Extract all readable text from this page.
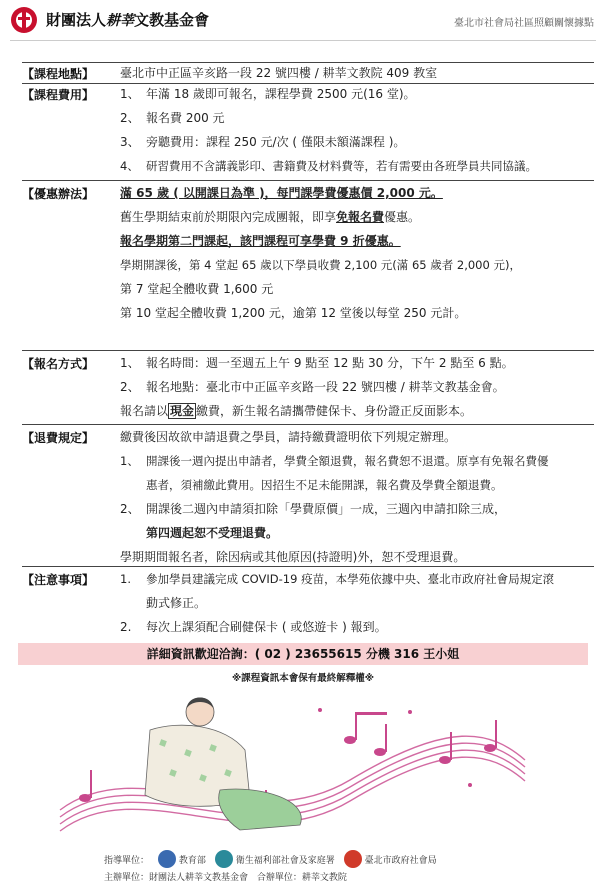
財團法人耕莘文教基金會	臺北市社會局社區照顧關懷據點
【課程地點】	臺北市中正區辛亥路一段 22 號四樓 / 耕莘文教院 409 教室
【課程費用】	1、 年滿 18 歲即可報名，課程學費 2500 元(16 堂)。
2、 報名費 200 元
3、 旁聽費用：課程 250 元/次 ( 僅限未額滿課程 )。
4、 研習費用不含講義影印、書籍費及材料費等，若有需要由各班學員共同協議。
【優惠辦法】	滿 65 歲 ( 以開課日為準 )，每門課學費優惠價 2,000 元。
舊生學期結束前於期限內完成團報，即享免報名費優惠。
報名學期第二門課起，該門課程可享學費 9 折優惠。
學期開課後，第 4 堂起 65 歲以下學員收費 2,100 元(滿 65 歲者 2,000 元)，
第 7 堂起全體收費 1,600 元
第 10 堂起全體收費 1,200 元，逾第 12 堂後以每堂 250 元計。
【報名方式】	1、 報名時間：週一至週五上午 9 點至 12 點 30 分，下午 2 點至 6 點。
2、 報名地點：臺北市中正區辛亥路一段 22 號四樓 / 耕莘文教基金會。
報名請以 現金 繳費，新生報名請攜帶健保卡、身份證正反面影本。
【退費規定】	繳費後因故欲申請退費之學員，請持繳費證明依下列規定辦理。
1、 開課後一週內提出申請者，學費全額退費，報名費恕不退還。原享有免報名費優
惠者，須補繳此費用。因招生不足未能開課，報名費及學費全額退費。
2、 開課後二週內申請須扣除「學費原價」一成，三週內申請扣除三成，
第四週起恕不受理退費。
學期期間報名者，除因病或其他原因(持證明)外，恕不受理退費。
【注意事項】	1. 參加學員建議完成 COVID-19 疫苗，本學苑依據中央、臺北市政府社會局規定滾
動式修正。
2. 每次上課須配合刷健保卡 ( 或悠遊卡 ) 報到。
詳細資訊歡迎洽詢：( 02 ) 23655615 分機 316 王小姐
※課程資訊本會保有最終解釋權※
指導單位：	教育部	衛生福利部社會及家庭署	臺北市政府社會局
主辦單位：財團法人耕莘文教基金會 合辦單位：耕莘文教院
